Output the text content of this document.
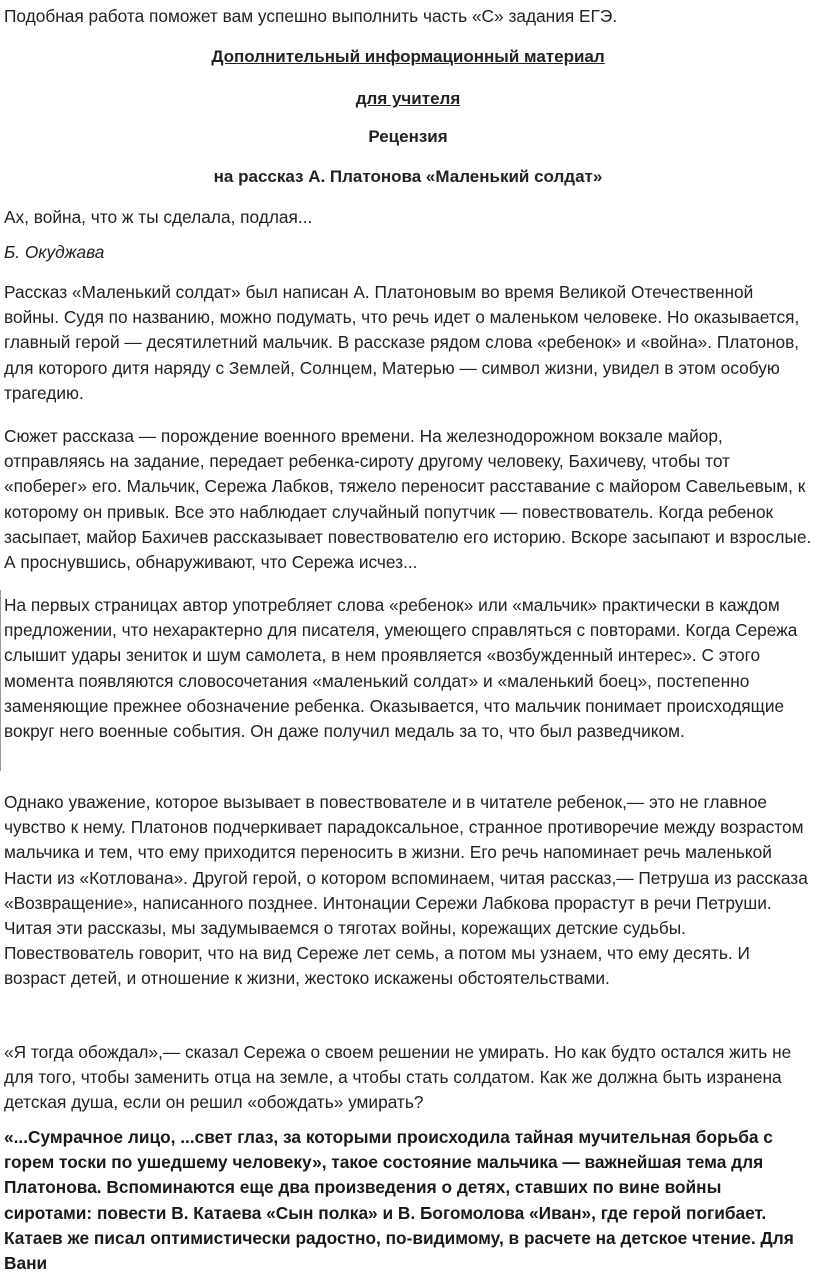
Подобная работа поможет вам успешно выполнить часть «С» задания ЕГЭ.

Дополнительный информационный материал

для учителя

Рецензия

на рассказ А. Платонова «Маленький солдат»

Ах, война, что ж ты сделала, подлая...

Б. Окуджава

Рассказ «Маленький солдат» был написан А. Платоновым во время Великой Отечественной войны. Судя по названию, можно подумать, что речь идет о маленьком человеке. Но оказывается, главный герой — десятилетний мальчик. В рассказе рядом слова «ребенок» и «война». Платонов, для которого дитя наряду с Землей, Солнцем, Матерью — символ жизни, увидел в этом особую трагедию.

Сюжет рассказа — порождение военного времени. На железнодорожном вокзале майор, отправляясь на задание, передает ребенка-сироту другому человеку, Бахичеву, чтобы тот «поберег» его. Мальчик, Сережа Лабков, тяжело переносит расставание с майором Савельевым, к которому он привык. Все это наблюдает случайный попутчик — повествователь. Когда ребенок засыпает, майор Бахичев рассказывает повествователю его историю. Вскоре засыпают и взрослые. А проснувшись, обнаруживают, что Сережа исчез...

На первых страницах автор употребляет слова «ребенок» или «мальчик» практически в каждом предложении, что нехарактерно для писателя, умеющего справляться с повторами. Когда Сережа слышит удары зениток и шум самолета, в нем проявляется «возбужденный интерес». С этого момента появляются словосочетания «маленький солдат» и «маленький боец», постепенно заменяющие прежнее обозначение ребенка. Оказывается, что мальчик понимает происходящие вокруг него военные события. Он даже получил медаль за то, что был разведчиком.

Однако уважение, которое вызывает в повествователе и в читателе ребенок,— это не главное чувство к нему. Платонов подчеркивает парадоксальное, странное противоречие между возрастом мальчика и тем, что ему приходится переносить в жизни. Его речь напоминает речь маленькой Насти из «Котлована». Другой герой, о котором вспоминаем, читая рассказ,— Петруша из рассказа «Возвращение», написанного позднее. Интонации Сережи Лабкова прорастут в речи Петруши. Читая эти рассказы, мы задумываемся о тяготах войны, корежащих детские судьбы. Повествователь говорит, что на вид Сереже лет семь, а потом мы узнаем, что ему десять. И возраст детей, и отношение к жизни, жестоко искажены обстоятельствами.

«Я тогда обождал»,— сказал Сережа о своем решении не умирать. Но как будто остался жить не для того, чтобы заменить отца на земле, а чтобы стать солдатом. Как же должна быть изранена детская душа, если он решил «обождать» умирать?

«...Сумрачное лицо, ...свет глаз, за которыми происходила тайная мучительная борьба с горем тоски по ушедшему человеку», такое состояние мальчика — важнейшая тема для Платонова. Вспоминаются еще два произведения о детях, ставших по вине войны сиротами: повести В. Катаева «Сын полка» и В. Богомолова «Иван», где герой погибает. Катаев же писал оптимистически радостно, по-видимому, в расчете на детское чтение. Для Вани
